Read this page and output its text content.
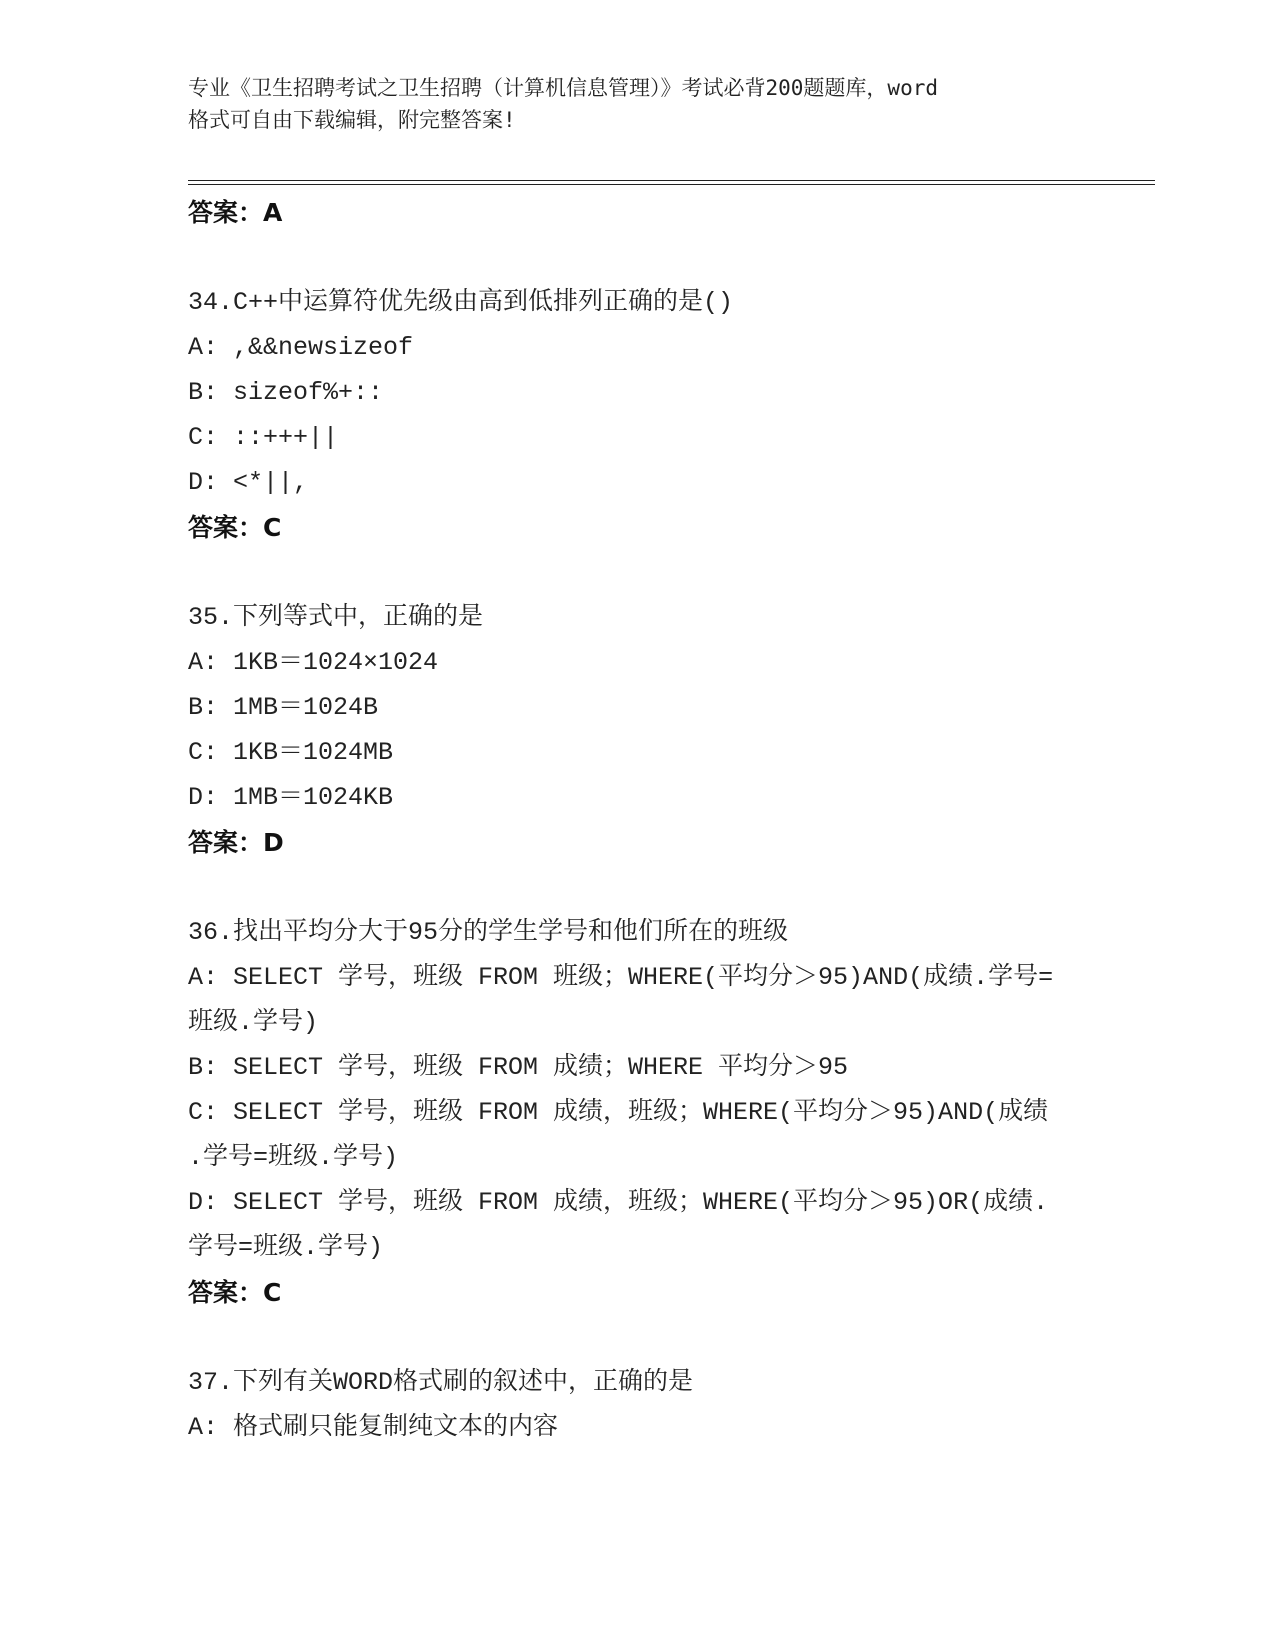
专业《卫生招聘考试之卫生招聘（计算机信息管理）》考试必背200题题库，word
格式可自由下载编辑，附完整答案!
答案：A
34.C++中运算符优先级由高到低排列正确的是()
A: ,&&newsizeof
B: sizeof%+::
C: ::+++||
D: <*||,
答案：C
35.下列等式中，正确的是
A: 1KB＝1024×1024
B: 1MB＝1024B
C: 1KB＝1024MB
D: 1MB＝1024KB
答案：D
36.找出平均分大于95分的学生学号和他们所在的班级
A: SELECT 学号，班级 FROM 班级；WHERE(平均分＞95)AND(成绩.学号=
班级.学号)
B: SELECT 学号，班级 FROM 成绩；WHERE 平均分＞95
C: SELECT 学号，班级 FROM 成绩，班级；WHERE(平均分＞95)AND(成绩
.学号=班级.学号)
D: SELECT 学号，班级 FROM 成绩，班级；WHERE(平均分＞95)OR(成绩.
学号=班级.学号)
答案：C
37.下列有关WORD格式刷的叙述中，正确的是
A: 格式刷只能复制纯文本的内容
